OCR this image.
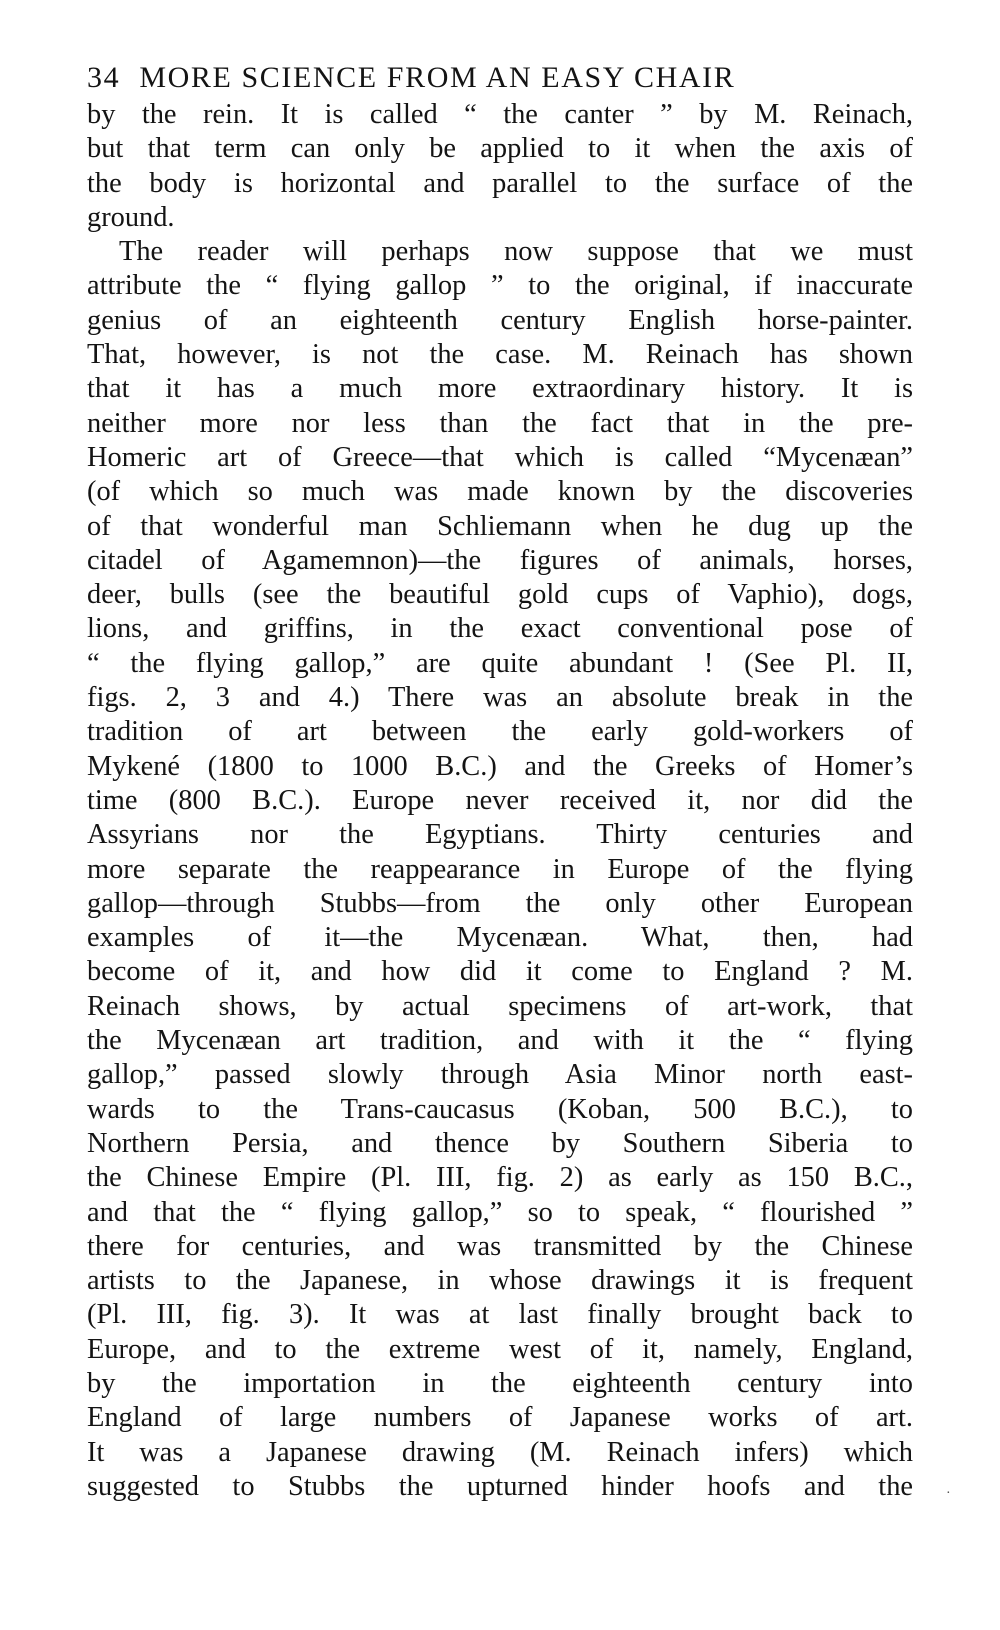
34 MORE SCIENCE FROM AN EASY CHAIR
by the rein. It is called “ the canter ” by M. Reinach,
but that term can only be applied to it when the axis of
the body is horizontal and parallel to the surface of the
ground.
The reader will perhaps now suppose that we must
attribute the “ flying gallop ” to the original, if inaccurate
genius of an eighteenth century English horse-painter.
That, however, is not the case. M. Reinach has shown
that it has a much more extraordinary history. It is
neither more nor less than the fact that in the pre-
Homeric art of Greece—that which is called “Mycenæan”
(of which so much was made known by the discoveries
of that wonderful man Schliemann when he dug up the
citadel of Agamemnon)—the figures of animals, horses,
deer, bulls (see the beautiful gold cups of Vaphio), dogs,
lions, and griffins, in the exact conventional pose of
“ the flying gallop,” are quite abundant ! (See Pl. II,
figs. 2, 3 and 4.) There was an absolute break in the
tradition of art between the early gold-workers of
Mykené (1800 to 1000 B.C.) and the Greeks of Homer’s
time (800 B.C.). Europe never received it, nor did the
Assyrians nor the Egyptians. Thirty centuries and
more separate the reappearance in Europe of the flying
gallop—through Stubbs—from the only other European
examples of it—the Mycenæan. What, then, had
become of it, and how did it come to England ? M.
Reinach shows, by actual specimens of art-work, that
the Mycenæan art tradition, and with it the “ flying
gallop,” passed slowly through Asia Minor north east-
wards to the Trans-caucasus (Koban, 500 B.C.), to
Northern Persia, and thence by Southern Siberia to
the Chinese Empire (Pl. III, fig. 2) as early as 150 B.C.,
and that the “ flying gallop,” so to speak, “ flourished ”
there for centuries, and was transmitted by the Chinese
artists to the Japanese, in whose drawings it is frequent
(Pl. III, fig. 3). It was at last finally brought back to
Europe, and to the extreme west of it, namely, England,
by the importation in the eighteenth century into
England of large numbers of Japanese works of art.
It was a Japanese drawing (M. Reinach infers) which
suggested to Stubbs the upturned hinder hoofs and the ·
